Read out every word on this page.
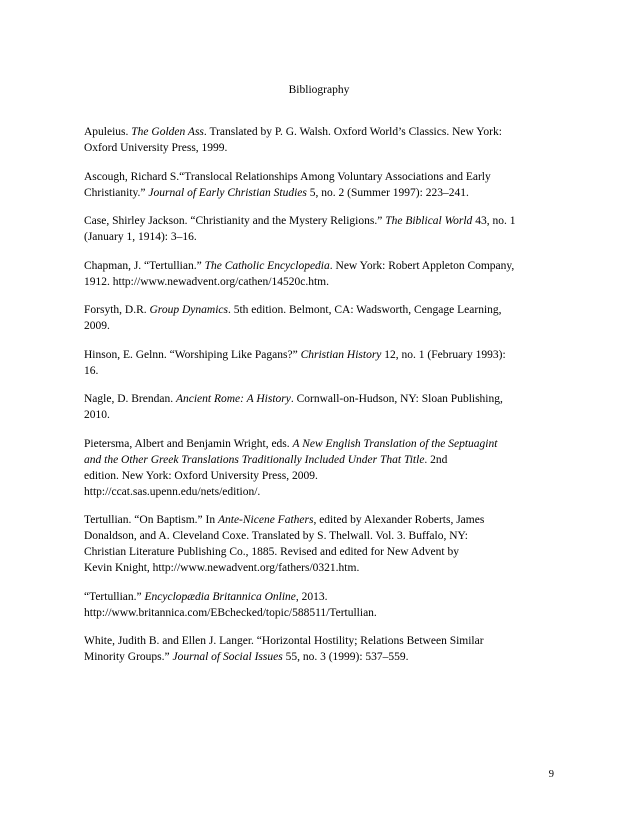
Bibliography
Apuleius. The Golden Ass. Translated by P. G. Walsh. Oxford World’s Classics. New York:
Oxford University Press, 1999.
Ascough, Richard S.“Translocal Relationships Among Voluntary Associations and Early
Christianity.” Journal of Early Christian Studies 5, no. 2 (Summer 1997): 223–241.
Case, Shirley Jackson. “Christianity and the Mystery Religions.” The Biblical World 43, no. 1
(January 1, 1914): 3–16.
Chapman, J. “Tertullian.” The Catholic Encyclopedia. New York: Robert Appleton Company,
1912. http://www.newadvent.org/cathen/14520c.htm.
Forsyth, D.R. Group Dynamics. 5th edition. Belmont, CA: Wadsworth, Cengage Learning,
2009.
Hinson, E. Gelnn. “Worshiping Like Pagans?” Christian History 12, no. 1 (February 1993):
16.
Nagle, D. Brendan. Ancient Rome: A History. Cornwall-on-Hudson, NY: Sloan Publishing,
2010.
Pietersma, Albert and Benjamin Wright, eds. A New English Translation of the Septuagint
and the Other Greek Translations Traditionally Included Under That Title. 2nd
edition. New York: Oxford University Press, 2009.
http://ccat.sas.upenn.edu/nets/edition/.
Tertullian. “On Baptism.” In Ante-Nicene Fathers, edited by Alexander Roberts, James
Donaldson, and A. Cleveland Coxe. Translated by S. Thelwall. Vol. 3. Buffalo, NY:
Christian Literature Publishing Co., 1885. Revised and edited for New Advent by
Kevin Knight, http://www.newadvent.org/fathers/0321.htm.
“Tertullian.” Encyclopædia Britannica Online, 2013.
http://www.britannica.com/EBchecked/topic/588511/Tertullian.
White, Judith B. and Ellen J. Langer. “Horizontal Hostility; Relations Between Similar
Minority Groups.” Journal of Social Issues 55, no. 3 (1999): 537–559.
9
